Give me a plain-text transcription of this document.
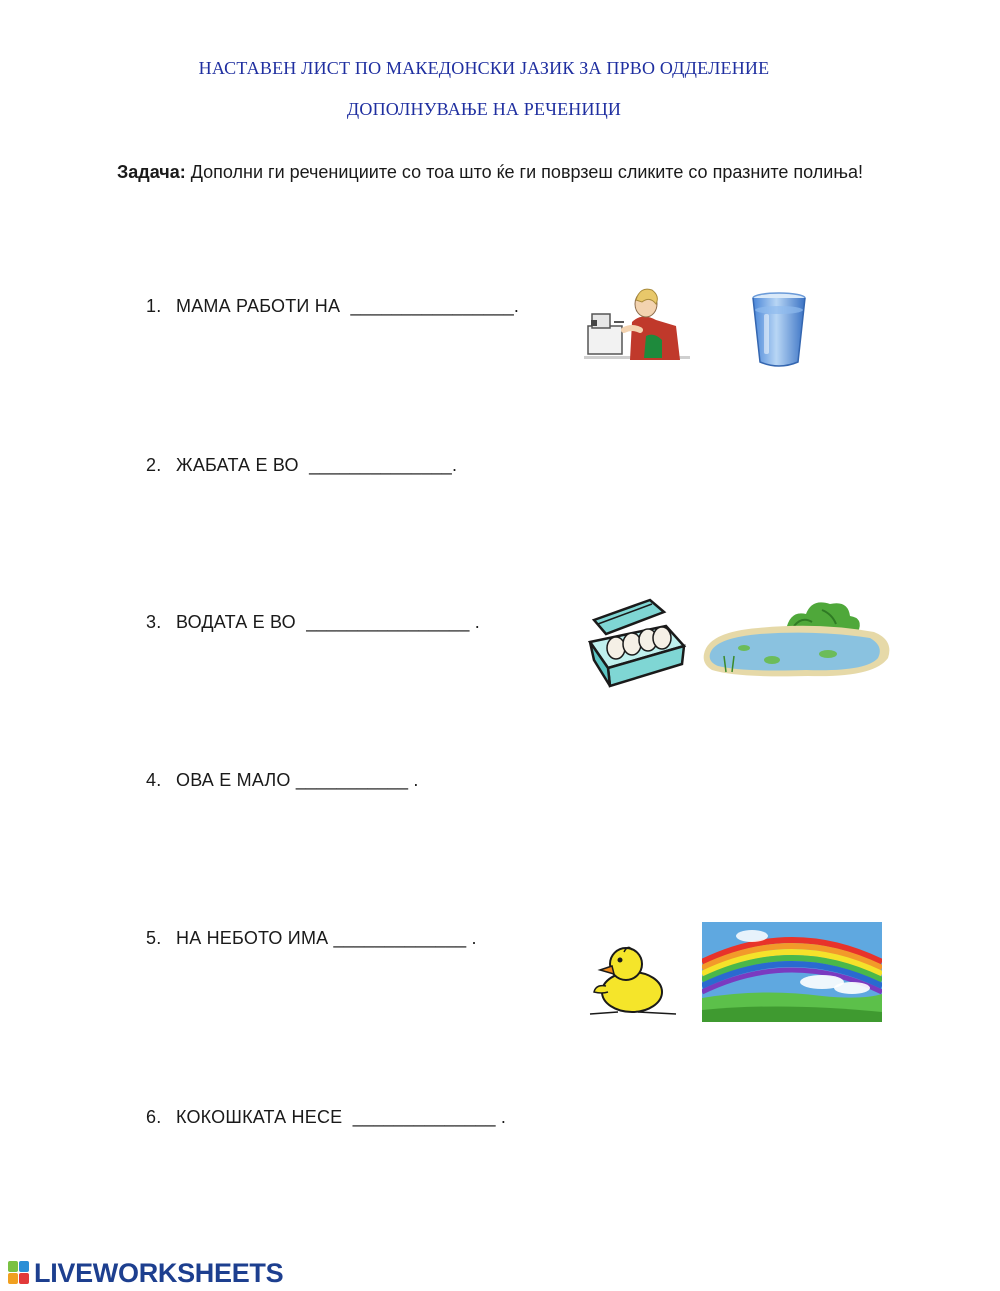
НАСТАВЕН ЛИСТ ПО МАКЕДОНСКИ ЈАЗИК ЗА ПРВО ОДДЕЛЕНИЕ
ДОПОЛНУВАЊЕ НА РЕЧЕНИЦИ
Задача: Дополни ги реченициите со тоа што ќе ги поврзеш сликите со празните полиња!
1. МАМА РАБОТИ НА  ________________.
2. ЖАБАТА Е ВО  ______________.
3. ВОДАТА Е ВО  ________________ .
4. ОВА Е МАЛО ___________ .
5. НА НЕБОТО ИМА _____________ .
6. КОКОШКАТА НЕСЕ  ______________ .
LIVEWORKSHEETS
